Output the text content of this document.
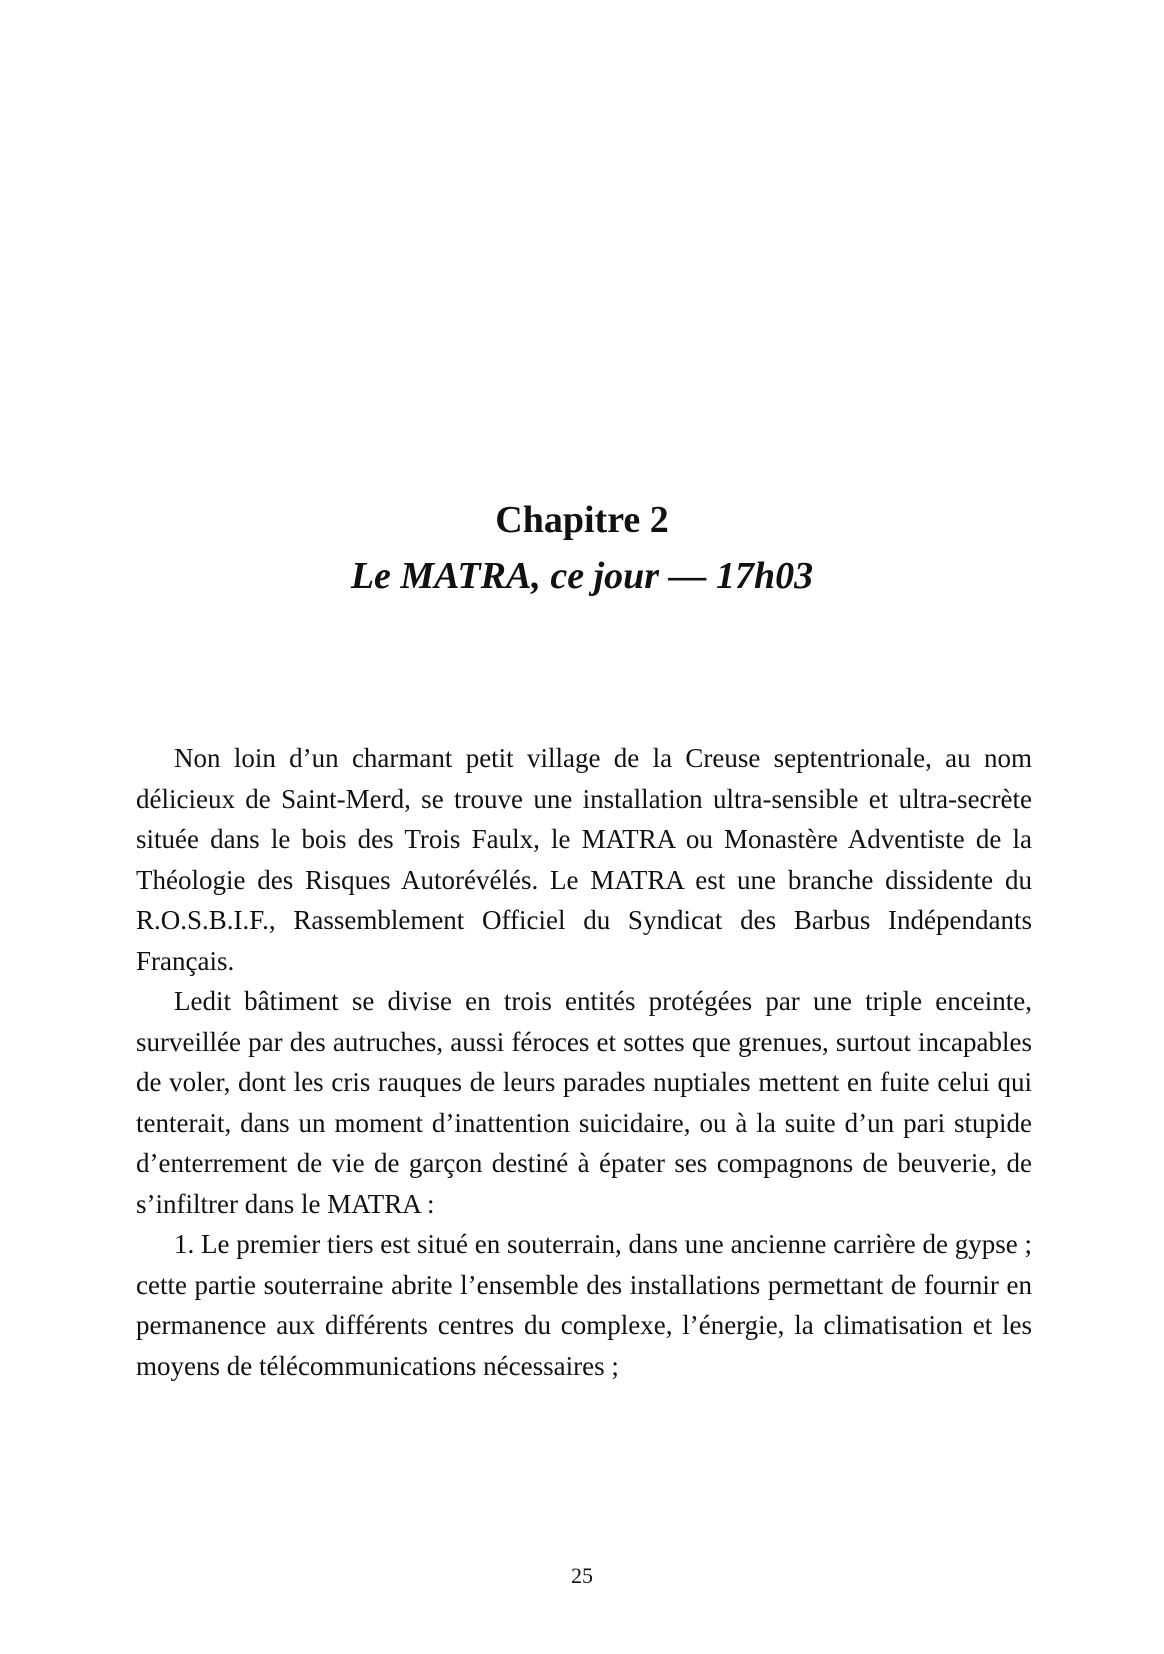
Chapitre 2
Le MATRA, ce jour — 17h03

Non loin d’un charmant petit village de la Creuse septentrionale, au nom délicieux de Saint-Merd, se trouve une installation ultra-sensible et ultra-secrète située dans le bois des Trois Faulx, le MATRA ou Monastère Adventiste de la Théologie des Risques Autorévélés. Le MATRA est une branche dissidente du R.O.S.B.I.F., Rassemblement Officiel du Syndicat des Barbus Indépendants Français.

Ledit bâtiment se divise en trois entités protégées par une triple enceinte, surveillée par des autruches, aussi féroces et sottes que grenues, surtout incapables de voler, dont les cris rauques de leurs parades nuptiales mettent en fuite celui qui tenterait, dans un moment d’inattention suicidaire, ou à la suite d’un pari stupide d’enterrement de vie de garçon destiné à épater ses compagnons de beuverie, de s’infiltrer dans le MATRA :

1. Le premier tiers est situé en souterrain, dans une ancienne carrière de gypse ; cette partie souterraine abrite l’ensemble des installations permettant de fournir en permanence aux différents centres du complexe, l’énergie, la climatisation et les moyens de télécommunications nécessaires ;

25
